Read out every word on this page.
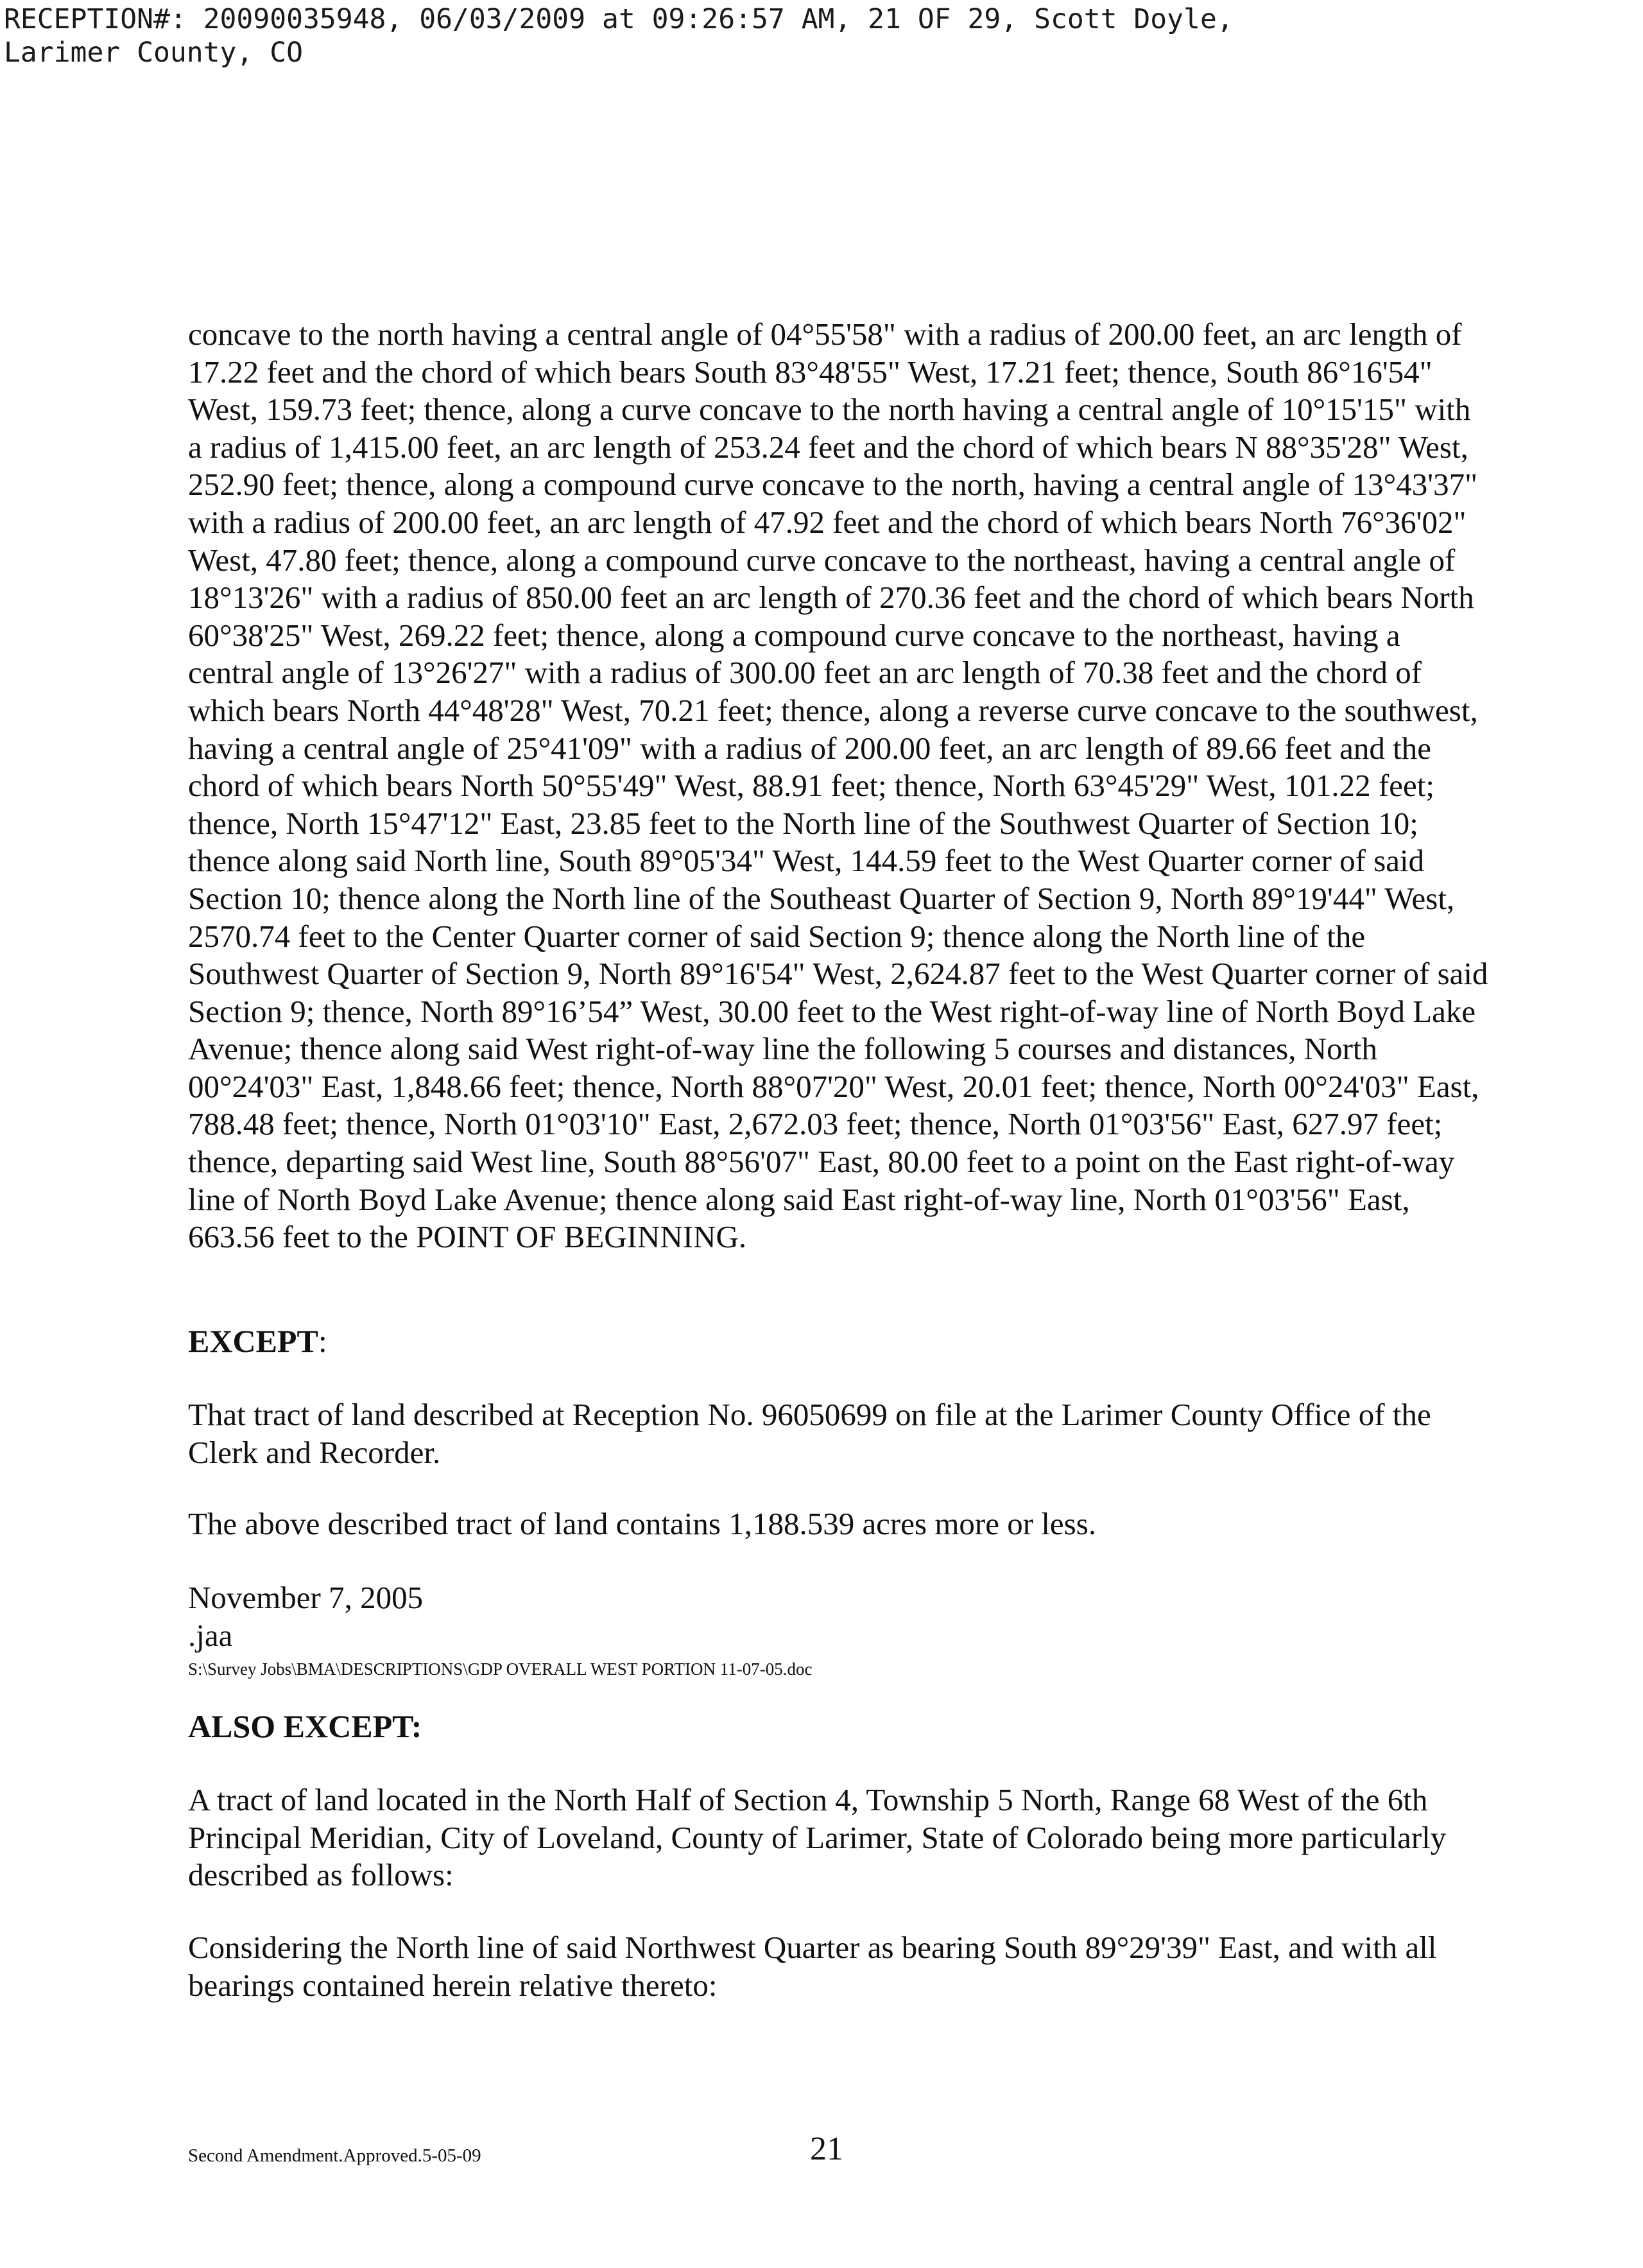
RECEPTION#: 20090035948, 06/03/2009 at 09:26:57 AM, 21 OF 29, Scott Doyle,
Larimer County, CO

concave to the north having a central angle of 04°55'58" with a radius of 200.00 feet, an arc length of 17.22 feet and the chord of which bears South 83°48'55" West, 17.21 feet; thence, South 86°16'54" West, 159.73 feet; thence, along a curve concave to the north having a central angle of 10°15'15" with a radius of 1,415.00 feet, an arc length of 253.24 feet and the chord of which bears N 88°35'28" West, 252.90 feet; thence, along a compound curve concave to the north, having a central angle of 13°43'37" with a radius of 200.00 feet, an arc length of 47.92 feet and the chord of which bears North 76°36'02" West, 47.80 feet; thence, along a compound curve concave to the northeast, having a central angle of 18°13'26" with a radius of 850.00 feet an arc length of 270.36 feet and the chord of which bears North 60°38'25" West, 269.22 feet; thence, along a compound curve concave to the northeast, having a central angle of 13°26'27" with a radius of 300.00 feet an arc length of 70.38 feet and the chord of which bears North 44°48'28" West, 70.21 feet; thence, along a reverse curve concave to the southwest, having a central angle of 25°41'09" with a radius of 200.00 feet, an arc length of 89.66 feet and the chord of which bears North 50°55'49" West, 88.91 feet; thence, North 63°45'29" West, 101.22 feet; thence, North 15°47'12" East, 23.85 feet to the North line of the Southwest Quarter of Section 10; thence along said North line, South 89°05'34" West, 144.59 feet to the West Quarter corner of said Section 10; thence along the North line of the Southeast Quarter of Section 9, North 89°19'44" West, 2570.74 feet to the Center Quarter corner of said Section 9; thence along the North line of the Southwest Quarter of Section 9, North 89°16'54" West, 2,624.87 feet to the West Quarter corner of said Section 9; thence, North 89°16’54” West, 30.00 feet to the West right-of-way line of North Boyd Lake Avenue; thence along said West right-of-way line the following 5 courses and distances, North 00°24'03" East, 1,848.66 feet; thence, North 88°07'20" West, 20.01 feet; thence, North 00°24'03" East, 788.48 feet; thence, North 01°03'10" East, 2,672.03 feet; thence, North 01°03'56" East, 627.97 feet; thence, departing said West line, South 88°56'07" East, 80.00 feet to a point on the East right-of-way line of North Boyd Lake Avenue; thence along said East right-of-way line, North 01°03'56" East, 663.56 feet to the POINT OF BEGINNING.

EXCEPT:

That tract of land described at Reception No. 96050699 on file at the Larimer County Office of the Clerk and Recorder.

The above described tract of land contains 1,188.539 acres more or less.

November 7, 2005

.jaa

S:\Survey Jobs\BMA\DESCRIPTIONS\GDP OVERALL WEST PORTION 11-07-05.doc

ALSO EXCEPT:

A tract of land located in the North Half of Section 4, Township 5 North, Range 68 West of the 6th Principal Meridian, City of Loveland, County of Larimer, State of Colorado being more particularly described as follows:

Considering the North line of said Northwest Quarter as bearing South 89°29'39" East, and with all bearings contained herein relative thereto:

Second Amendment.Approved.5-05-09	21
